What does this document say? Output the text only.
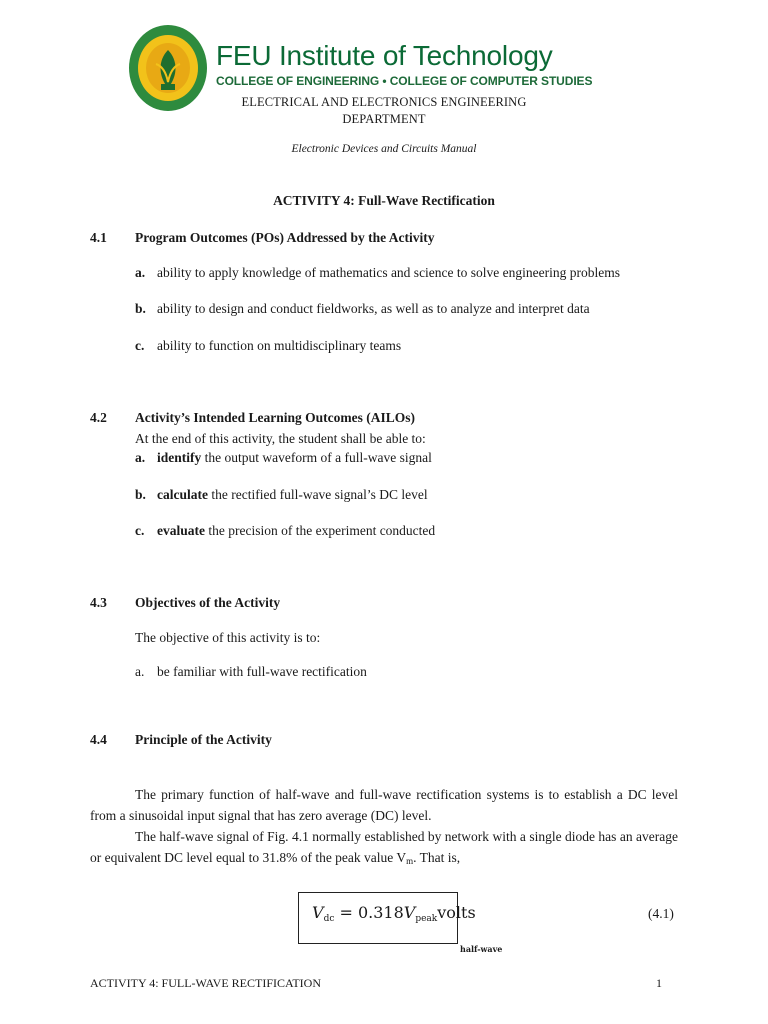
FEU Institute of Technology
COLLEGE OF ENGINEERING • COLLEGE OF COMPUTER STUDIES
ELECTRICAL AND ELECTRONICS ENGINEERING
DEPARTMENT
Electronic Devices and Circuits Manual
ACTIVITY 4: Full-Wave Rectification
4.1 Program Outcomes (POs) Addressed by the Activity
a. ability to apply knowledge of mathematics and science to solve engineering problems
b. ability to design and conduct fieldworks, as well as to analyze and interpret data
c. ability to function on multidisciplinary teams
4.2 Activity’s Intended Learning Outcomes (AILOs)
At the end of this activity, the student shall be able to:
a. identify the output waveform of a full-wave signal
b. calculate the rectified full-wave signal’s DC level
c. evaluate the precision of the experiment conducted
4.3 Objectives of the Activity
The objective of this activity is to:
a. be familiar with full-wave rectification
4.4 Principle of the Activity
The primary function of half-wave and full-wave rectification systems is to establish a DC level from a sinusoidal input signal that has zero average (DC) level.
The half-wave signal of Fig. 4.1 normally established by network with a single diode has an average or equivalent DC level equal to 31.8% of the peak value $V_m$. That is,
Vdc = 0.318Vpeakvolts	(4.1)
half-wave
ACTIVITY 4: FULL-WAVE RECTIFICATION	1
